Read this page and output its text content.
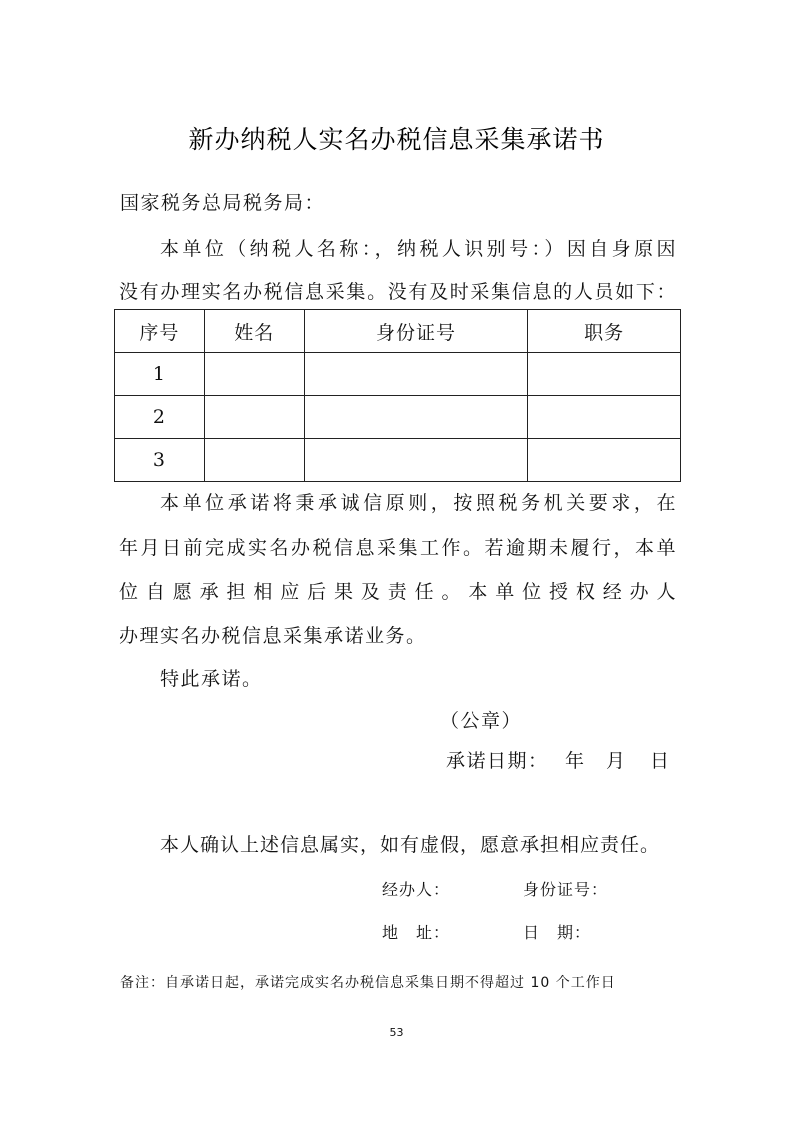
新办纳税人实名办税信息采集承诺书
国家税务总局税务局：
本单位（纳税人名称：，纳税人识别号：）因自身原因
没有办理实名办税信息采集。没有及时采集信息的人员如下：
序号	姓名	身份证号	职务
1			
2			
3			
本单位承诺将秉承诚信原则，按照税务机关要求，在
年月日前完成实名办税信息采集工作。若逾期未履行，本单
位自愿承担相应后果及责任。本单位授权经办人
办理实名办税信息采集承诺业务。
特此承诺。
（公章）
承诺日期： 年 月 日
本人确认上述信息属实，如有虚假，愿意承担相应责任。
经办人：	身份证号：
地　址：	日　期：
备注：自承诺日起，承诺完成实名办税信息采集日期不得超过 10 个工作日
53
